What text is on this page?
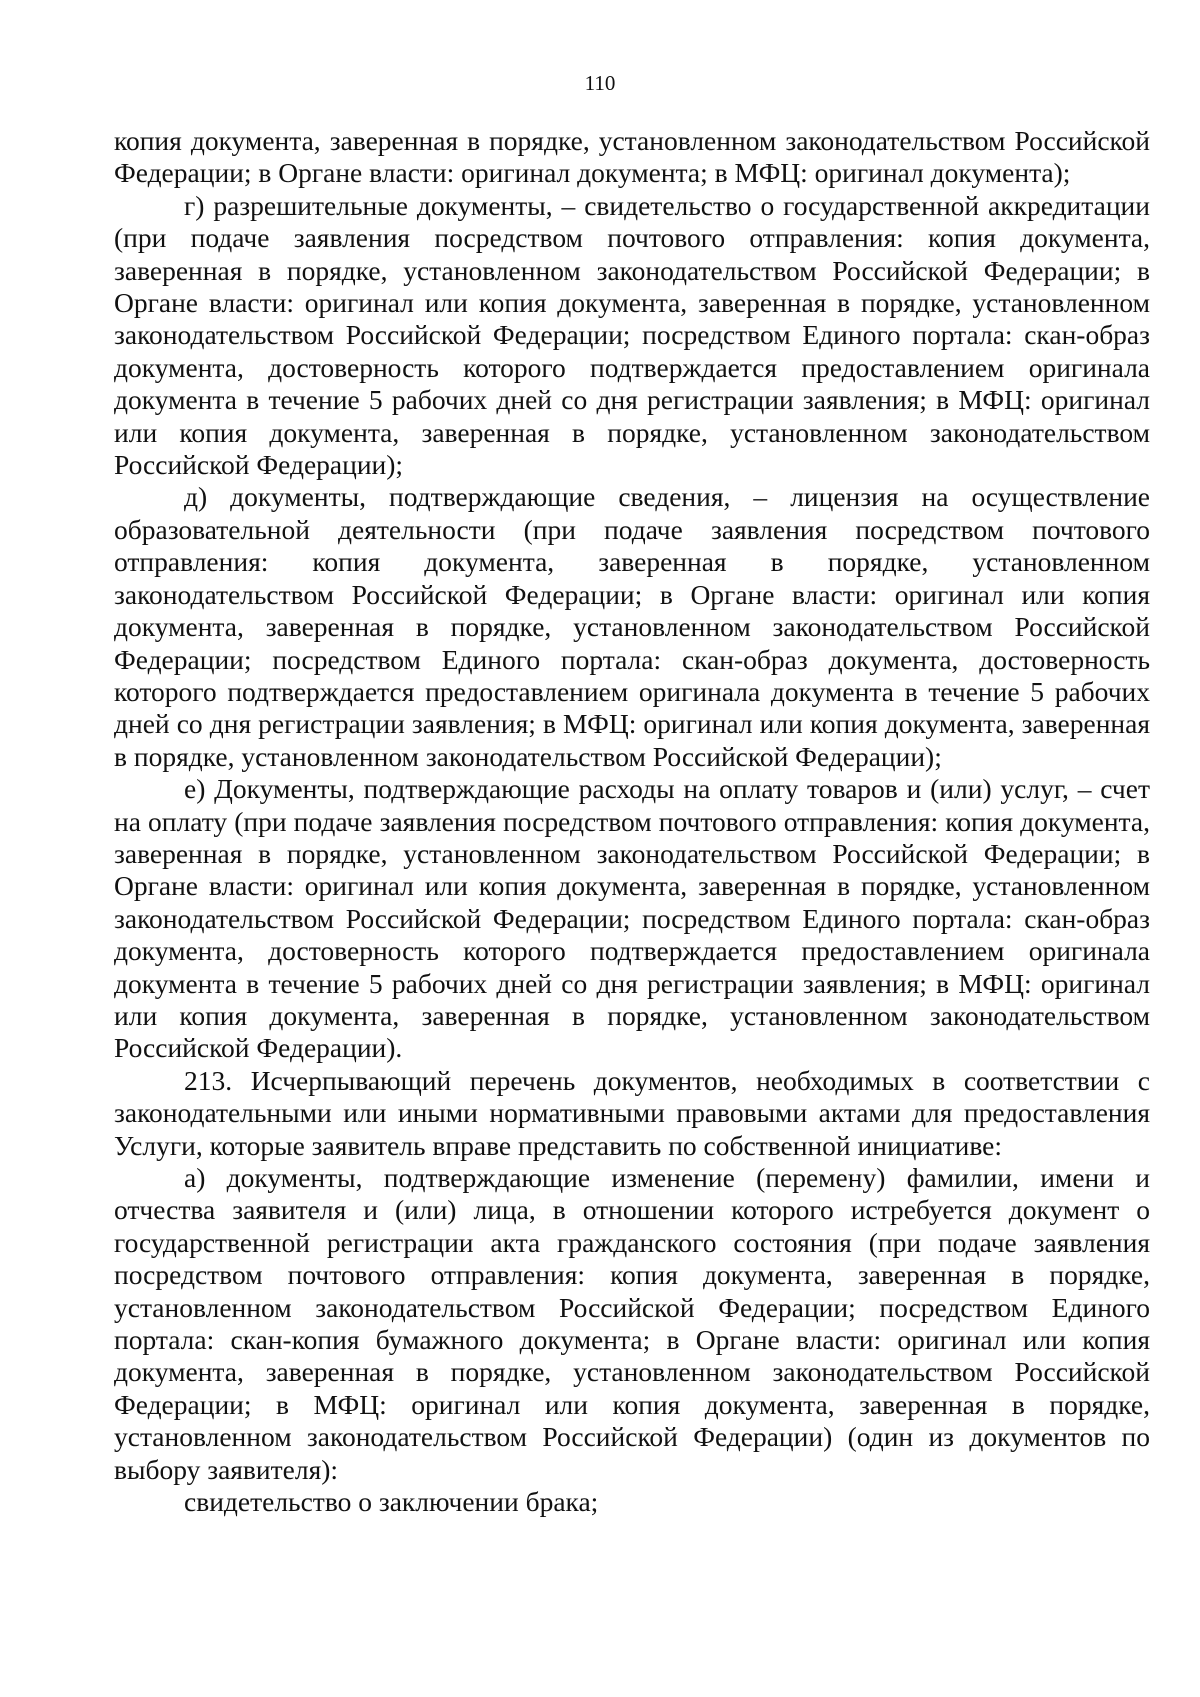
110

копия документа, заверенная в порядке, установленном законодательством Российской Федерации; в Органе власти: оригинал документа; в МФЦ: оригинал документа);

г) разрешительные документы, – свидетельство о государственной аккредитации (при подаче заявления посредством почтового отправления: копия документа, заверенная в порядке, установленном законодательством Российской Федерации; в Органе власти: оригинал или копия документа, заверенная в порядке, установленном законодательством Российской Федерации; посредством Единого портала: скан-образ документа, достоверность которого подтверждается предоставлением оригинала документа в течение 5 рабочих дней со дня регистрации заявления; в МФЦ: оригинал или копия документа, заверенная в порядке, установленном законодательством Российской Федерации);

д) документы, подтверждающие сведения, – лицензия на осуществление образовательной деятельности (при подаче заявления посредством почтового отправления: копия документа, заверенная в порядке, установленном законодательством Российской Федерации; в Органе власти: оригинал или копия документа, заверенная в порядке, установленном законодательством Российской Федерации; посредством Единого портала: скан-образ документа, достоверность которого подтверждается предоставлением оригинала документа в течение 5 рабочих дней со дня регистрации заявления; в МФЦ: оригинал или копия документа, заверенная в порядке, установленном законодательством Российской Федерации);

е) Документы, подтверждающие расходы на оплату товаров и (или) услуг, – счет на оплату (при подаче заявления посредством почтового отправления: копия документа, заверенная в порядке, установленном законодательством Российской Федерации; в Органе власти: оригинал или копия документа, заверенная в порядке, установленном законодательством Российской Федерации; посредством Единого портала: скан-образ документа, достоверность которого подтверждается предоставлением оригинала документа в течение 5 рабочих дней со дня регистрации заявления; в МФЦ: оригинал или копия документа, заверенная в порядке, установленном законодательством Российской Федерации).

213. Исчерпывающий перечень документов, необходимых в соответствии с законодательными или иными нормативными правовыми актами для предоставления Услуги, которые заявитель вправе представить по собственной инициативе:

а) документы, подтверждающие изменение (перемену) фамилии, имени и отчества заявителя и (или) лица, в отношении которого истребуется документ о государственной регистрации акта гражданского состояния (при подаче заявления посредством почтового отправления: копия документа, заверенная в порядке, установленном законодательством Российской Федерации; посредством Единого портала: скан-копия бумажного документа; в Органе власти: оригинал или копия документа, заверенная в порядке, установленном законодательством Российской Федерации; в МФЦ: оригинал или копия документа, заверенная в порядке, установленном законодательством Российской Федерации) (один из документов по выбору заявителя):

свидетельство о заключении брака;
